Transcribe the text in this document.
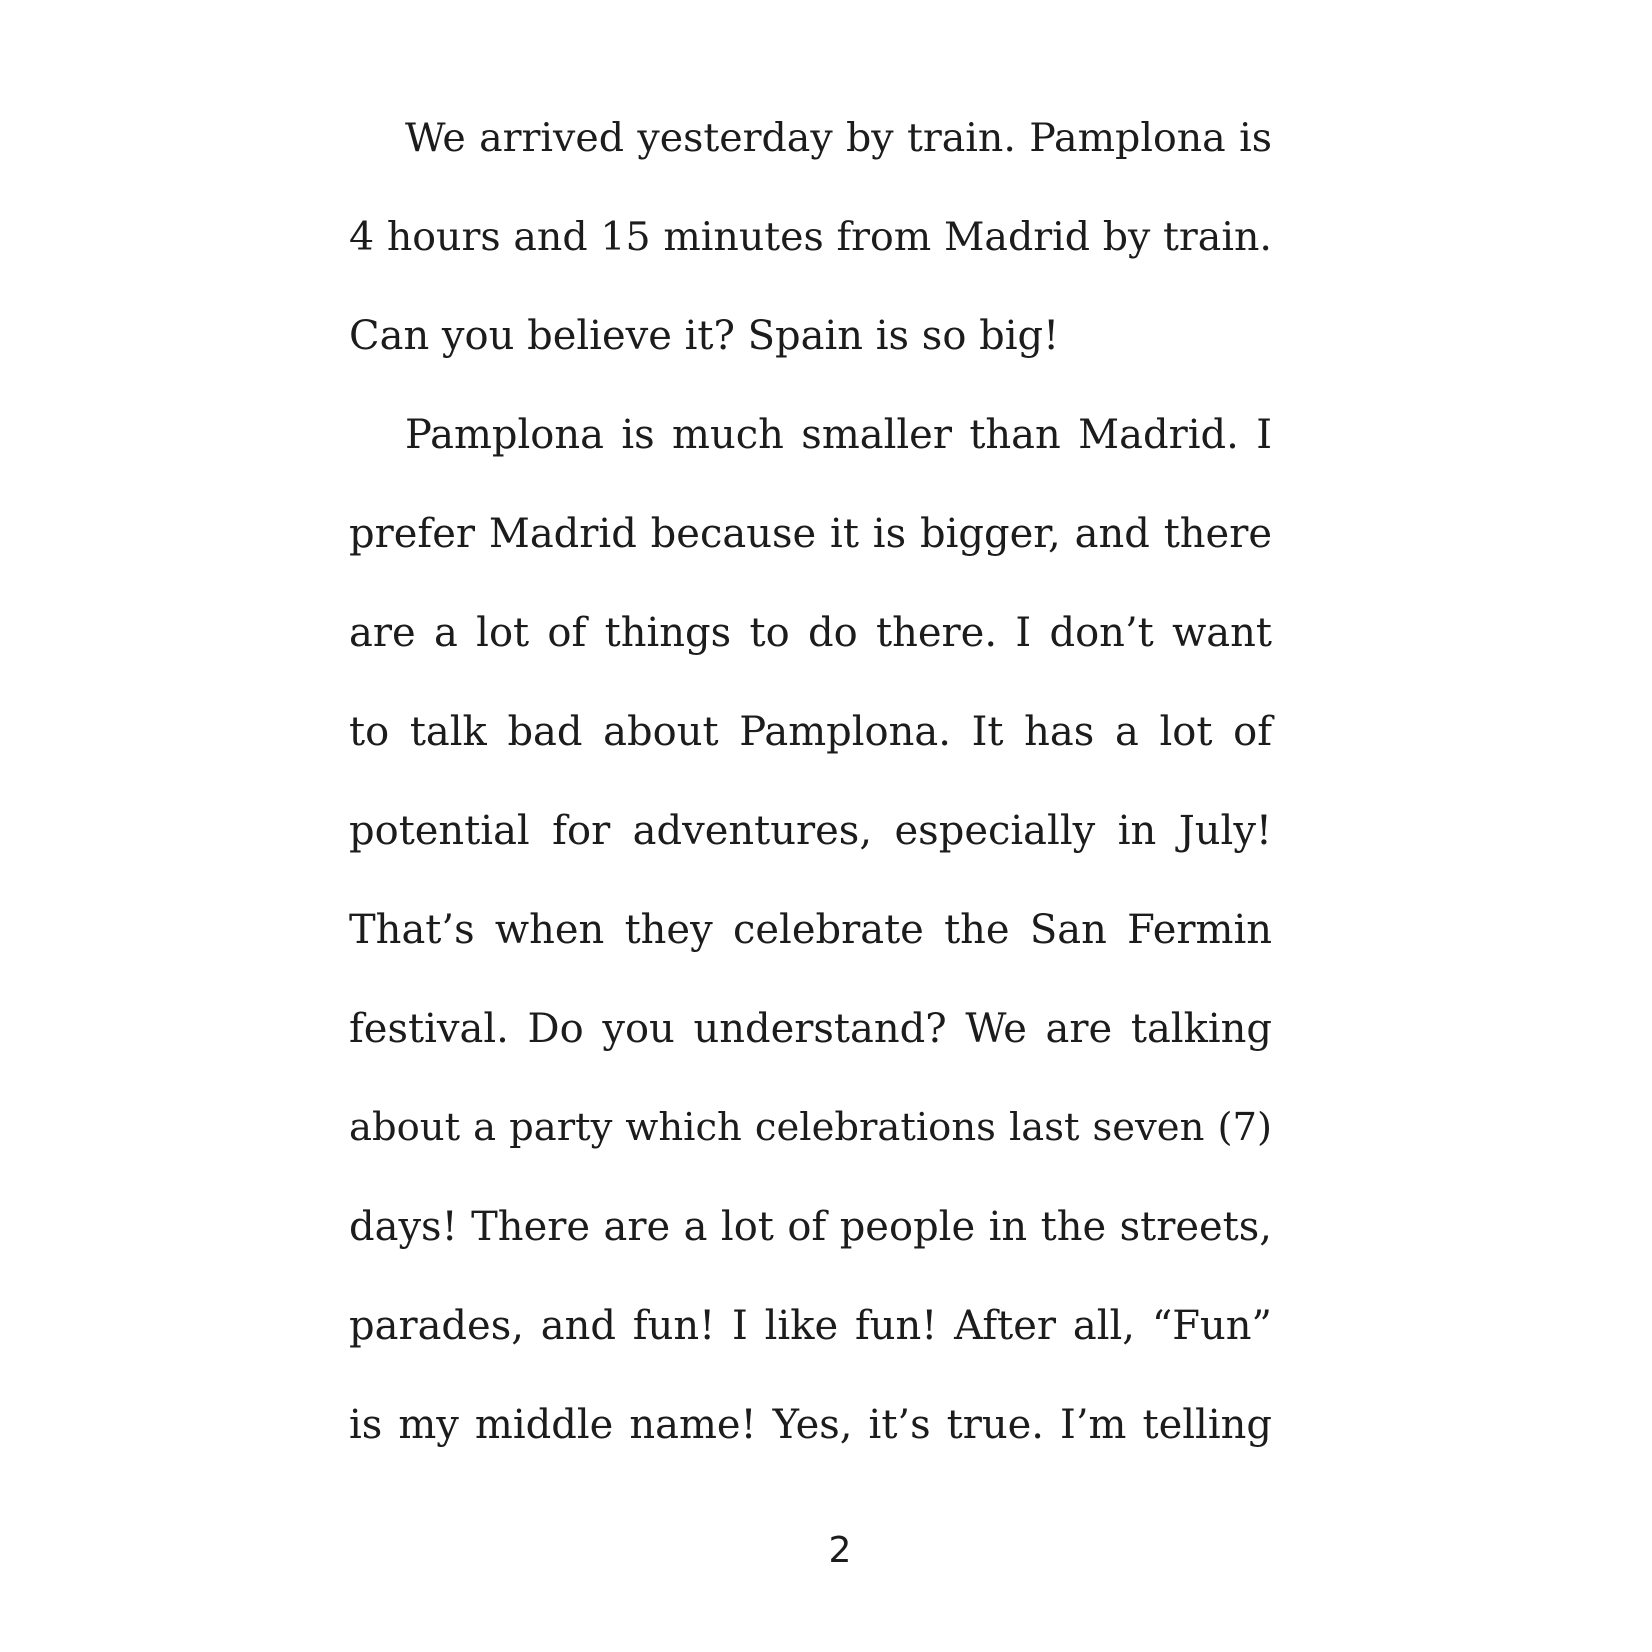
We arrived yesterday by train. Pamplona is
4 hours and 15 minutes from Madrid by train.
Can you believe it? Spain is so big!
Pamplona is much smaller than Madrid. I
prefer Madrid because it is bigger, and there
are a lot of things to do there. I don’t want
to talk bad about Pamplona. It has a lot of
potential for adventures, especially in July!
That’s when they celebrate the San Fermin
festival. Do you understand? We are talking
about a party which celebrations last seven (7)
days! There are a lot of people in the streets,
parades, and fun! I like fun! After all, “Fun”
is my middle name! Yes, it’s true. I’m telling
2
